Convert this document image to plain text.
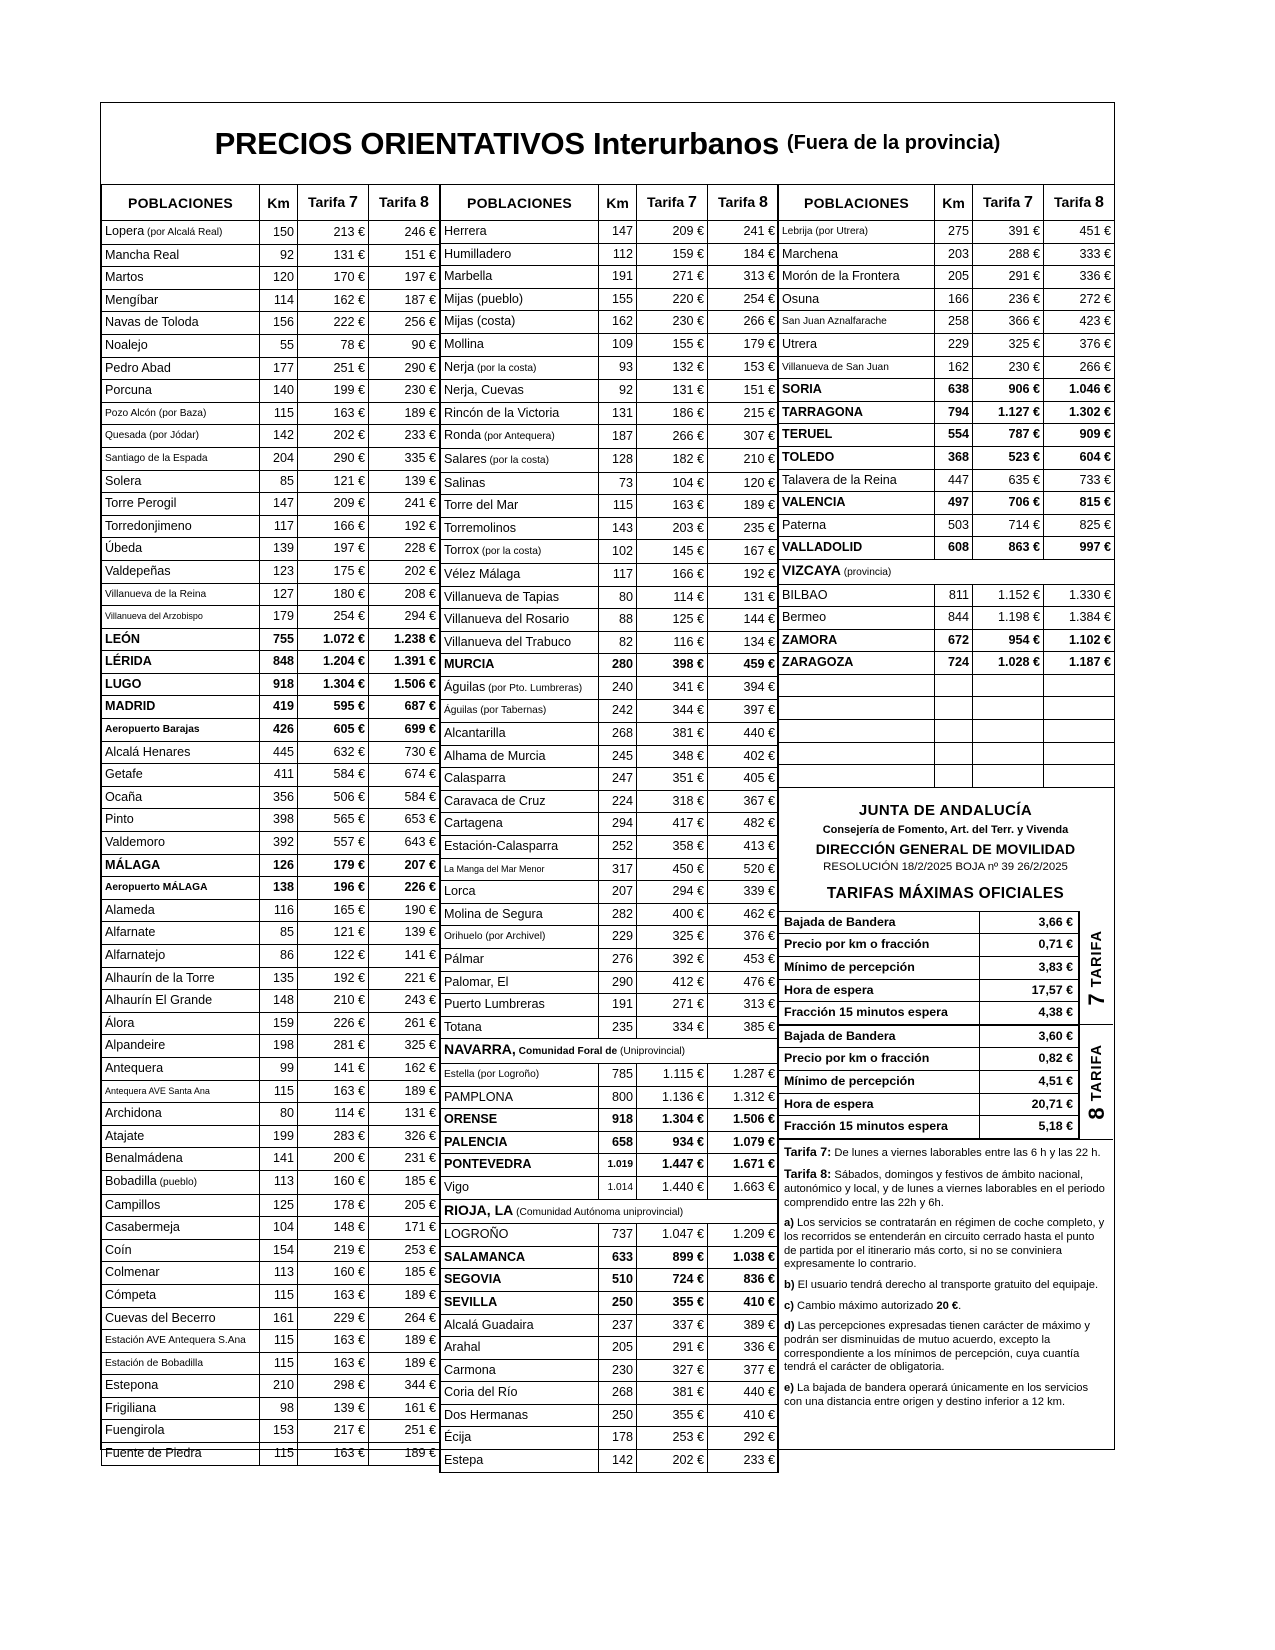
PRECIOS ORIENTATIVOS Interurbanos (Fuera de la provincia)
POBLACIONES	Km	Tarifa 7	Tarifa 8
Lopera (por Alcalá Real)	150	213 €	246 €
Mancha Real	92	131 €	151 €
Martos	120	170 €	197 €
Mengíbar	114	162 €	187 €
Navas de Toloda	156	222 €	256 €
Noalejo	55	78 €	90 €
Pedro Abad	177	251 €	290 €
Porcuna	140	199 €	230 €
Pozo Alcón (por Baza)	115	163 €	189 €
Quesada (por Jódar)	142	202 €	233 €
Santiago de la Espada	204	290 €	335 €
Solera	85	121 €	139 €
Torre Perogil	147	209 €	241 €
Torredonjimeno	117	166 €	192 €
Úbeda	139	197 €	228 €
Valdepeñas	123	175 €	202 €
Villanueva de la Reina	127	180 €	208 €
Villanueva del Arzobispo	179	254 €	294 €
LEÓN	755	1.072 €	1.238 €
LÉRIDA	848	1.204 €	1.391 €
LUGO	918	1.304 €	1.506 €
MADRID	419	595 €	687 €
Aeropuerto Barajas	426	605 €	699 €
Alcalá Henares	445	632 €	730 €
Getafe	411	584 €	674 €
Ocaña	356	506 €	584 €
Pinto	398	565 €	653 €
Valdemoro	392	557 €	643 €
MÁLAGA	126	179 €	207 €
Aeropuerto MÁLAGA	138	196 €	226 €
Alameda	116	165 €	190 €
Alfarnate	85	121 €	139 €
Alfarnatejo	86	122 €	141 €
Alhaurín de la Torre	135	192 €	221 €
Alhaurín El Grande	148	210 €	243 €
Álora	159	226 €	261 €
Alpandeire	198	281 €	325 €
Antequera	99	141 €	162 €
Antequera AVE Santa Ana	115	163 €	189 €
Archidona	80	114 €	131 €
Atajate	199	283 €	326 €
Benalmádena	141	200 €	231 €
Bobadilla (pueblo)	113	160 €	185 €
Campillos	125	178 €	205 €
Casabermeja	104	148 €	171 €
Coín	154	219 €	253 €
Colmenar	113	160 €	185 €
Cómpeta	115	163 €	189 €
Cuevas del Becerro	161	229 €	264 €
Estación AVE Antequera S.Ana	115	163 €	189 €
Estación de Bobadilla	115	163 €	189 €
Estepona	210	298 €	344 €
Frigiliana	98	139 €	161 €
Fuengirola	153	217 €	251 €
Fuente de Piedra	115	163 €	189 €
POBLACIONES	Km	Tarifa 7	Tarifa 8
Herrera	147	209 €	241 €
Humilladero	112	159 €	184 €
Marbella	191	271 €	313 €
Mijas (pueblo)	155	220 €	254 €
Mijas (costa)	162	230 €	266 €
Mollina	109	155 €	179 €
Nerja (por la costa)	93	132 €	153 €
Nerja, Cuevas	92	131 €	151 €
Rincón de la Victoria	131	186 €	215 €
Ronda (por Antequera)	187	266 €	307 €
Salares (por la costa)	128	182 €	210 €
Salinas	73	104 €	120 €
Torre del Mar	115	163 €	189 €
Torremolinos	143	203 €	235 €
Torrox (por la costa)	102	145 €	167 €
Vélez Málaga	117	166 €	192 €
Villanueva de Tapias	80	114 €	131 €
Villanueva del Rosario	88	125 €	144 €
Villanueva del Trabuco	82	116 €	134 €
MURCIA	280	398 €	459 €
Águilas (por Pto. Lumbreras)	240	341 €	394 €
Águilas (por Tabernas)	242	344 €	397 €
Alcantarilla	268	381 €	440 €
Alhama de Murcia	245	348 €	402 €
Calasparra	247	351 €	405 €
Caravaca de Cruz	224	318 €	367 €
Cartagena	294	417 €	482 €
Estación-Calasparra	252	358 €	413 €
La Manga del Mar Menor	317	450 €	520 €
Lorca	207	294 €	339 €
Molina de Segura	282	400 €	462 €
Orihuelo (por Archivel)	229	325 €	376 €
Pálmar	276	392 €	453 €
Palomar, El	290	412 €	476 €
Puerto Lumbreras	191	271 €	313 €
Totana	235	334 €	385 €
NAVARRA, Comunidad Foral de (Uniprovincial)			
Estella (por Logroño)	785	1.115 €	1.287 €
PAMPLONA	800	1.136 €	1.312 €
ORENSE	918	1.304 €	1.506 €
PALENCIA	658	934 €	1.079 €
PONTEVEDRA	1.019	1.447 €	1.671 €
Vigo	1.014	1.440 €	1.663 €
RIOJA, LA (Comunidad Autónoma uniprovincial)			
LOGROÑO	737	1.047 €	1.209 €
SALAMANCA	633	899 €	1.038 €
SEGOVIA	510	724 €	836 €
SEVILLA	250	355 €	410 €
Alcalá Guadaira	237	337 €	389 €
Arahal	205	291 €	336 €
Carmona	230	327 €	377 €
Coria del Río	268	381 €	440 €
Dos Hermanas	250	355 €	410 €
Écija	178	253 €	292 €
Estepa	142	202 €	233 €
POBLACIONES	Km	Tarifa 7	Tarifa 8
Lebrija (por Utrera)	275	391 €	451 €
Marchena	203	288 €	333 €
Morón de la Frontera	205	291 €	336 €
Osuna	166	236 €	272 €
San Juan Aznalfarache	258	366 €	423 €
Utrera	229	325 €	376 €
Villanueva de San Juan	162	230 €	266 €
SORIA	638	906 €	1.046 €
TARRAGONA	794	1.127 €	1.302 €
TERUEL	554	787 €	909 €
TOLEDO	368	523 €	604 €
Talavera de la Reina	447	635 €	733 €
VALENCIA	497	706 €	815 €
Paterna	503	714 €	825 €
VALLADOLID	608	863 €	997 €
VIZCAYA (provincia)			
BILBAO	811	1.152 €	1.330 €
Bermeo	844	1.198 €	1.384 €
ZAMORA	672	954 €	1.102 €
ZARAGOZA	724	1.028 €	1.187 €

JUNTA DE ANDALUCÍA
Consejería de Fomento, Art. del Terr. y Vivenda
DIRECCIÓN GENERAL DE MOVILIDAD
RESOLUCIÓN 18/2/2025 BOJA nº 39 26/2/2025
TARIFAS MÁXIMAS OFICIALES
Bajada de Bandera	3,66 €
Precio por km o fracción	0,71 €
Mínimo de percepción	3,83 €
Hora de espera	17,57 €
Fracción 15 minutos espera	4,38 €
Bajada de Bandera	3,60 €
Precio por km o fracción	0,82 €
Mínimo de percepción	4,51 €
Hora de espera	20,71 €
Fracción 15 minutos espera	5,18 €
7 TARIFA
8 TARIFA

Tarifa 7: De lunes a viernes laborables entre las 6 h y las 22 h.

Tarifa 8: Sábados, domingos y festivos de ámbito nacional, autonómico y local, y de lunes a viernes laborables en el periodo comprendido entre las 22h y 6h.

a) Los servicios se contratarán en régimen de coche completo, y los recorridos se entenderán en circuito cerrado hasta el punto de partida por el itinerario más corto, si no se conviniera expresamente lo contrario.

b) El usuario tendrá derecho al transporte gratuito del equipaje.

c) Cambio máximo autorizado 20 €.

d) Las percepciones expresadas tienen carácter de máximo y podrán ser disminuidas de mutuo acuerdo, excepto la correspondiente a los mínimos de percepción, cuya cuantía tendrá el carácter de obligatoria.

e) La bajada de bandera operará únicamente en los servicios con una distancia entre origen y destino inferior a 12 km.
